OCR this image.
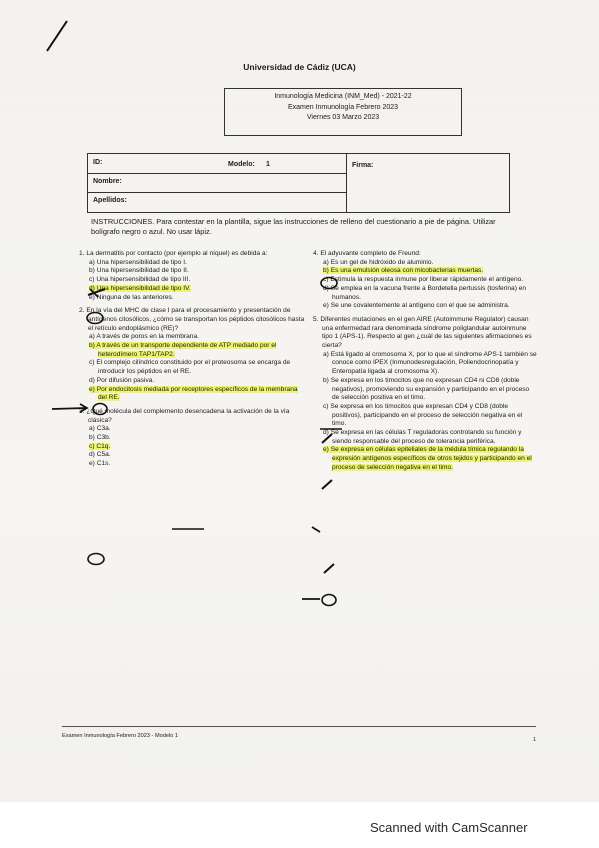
Universidad de Cádiz (UCA)
Inmunología Medicina (INM_Med) - 2021-22
Examen Inmunología Febrero 2023
Viernes 03 Marzo 2023
ID:	Modelo: 1
Nombre:
Apellidos:
Firma:
INSTRUCCIONES. Para contestar en la plantilla, sigue las instrucciones de relleno del cuestionario a pie de página. Utilizar bolígrafo negro o azul. No usar lápiz.
1. La dermatitis por contacto (por ejemplo al níquel) es debida a:
a) Una hipersensibilidad de tipo I.
b) Una hipersensibilidad de tipo II.
c) Una hipersensibilidad de tipo III.
d) Una hipersensibilidad de tipo IV.
e) Ninguna de las anteriores.
2. En la vía del MHC de clase I para el procesamiento y presentación de antígenos citosólicos, ¿cómo se transportan los péptidos citosólicos hasta el retículo endoplásmico (RE)?
a) A través de poros en la membrana.
b) A través de un transporte dependiente de ATP mediado por el heterodímero TAP1/TAP2.
c) El complejo cilíndrico constituido por el proteosoma se encarga de introducir los péptidos en el RE.
d) Por difusión pasiva.
e) Por endocitosis mediada por receptores específicos de la membrana del RE.
3. ¿Qué molécula del complemento desencadena la activación de la vía clásica?
a) C3a.
b) C3b.
c) C1q.
d) C5a.
e) C1s.
4. El adyuvante completo de Freund:
a) Es un gel de hidróxido de aluminio.
b) Es una emulsión oleosa con micobacterias muertas.
c) Estimula la respuesta inmune por liberar rápidamente el antígeno.
d) Se emplea en la vacuna frente a Bordetella pertussis (tosferina) en humanos.
e) Se une covalentemente al antígeno con el que se administra.
5. Diferentes mutaciones en el gen AIRE (Autoimmune Regulator) causan una enfermedad rara denominada síndrome poliglandular autoinmune tipo 1 (APS-1). Respecto al gen ¿cuál de las siguientes afirmaciones es cierta?
a) Está ligado al cromosoma X, por lo que el síndrome APS-1 también se conoce como IPEX (Inmunodesregulación, Poliendocrinopatía y Enteropatía ligada al cromosoma X).
b) Se expresa en los timocitos que no expresan CD4 ni CD8 (doble negativos), promoviendo su expansión y participando en el proceso de selección positiva en el timo.
c) Se expresa en los timocitos que expresan CD4 y CD8 (doble positivos), participando en el proceso de selección negativa en el timo.
d) Se expresa en las células T reguladoras controlando su función y siendo responsable del proceso de tolerancia periférica.
e) Se expresa en células epiteliales de la médula tímica regulando la expresión antígenos específicos de otros tejidos y participando en el proceso de selección negativa en el timo.
Examen Inmunología Febrero 2023 - Modelo 1
1
Scanned with CamScanner
